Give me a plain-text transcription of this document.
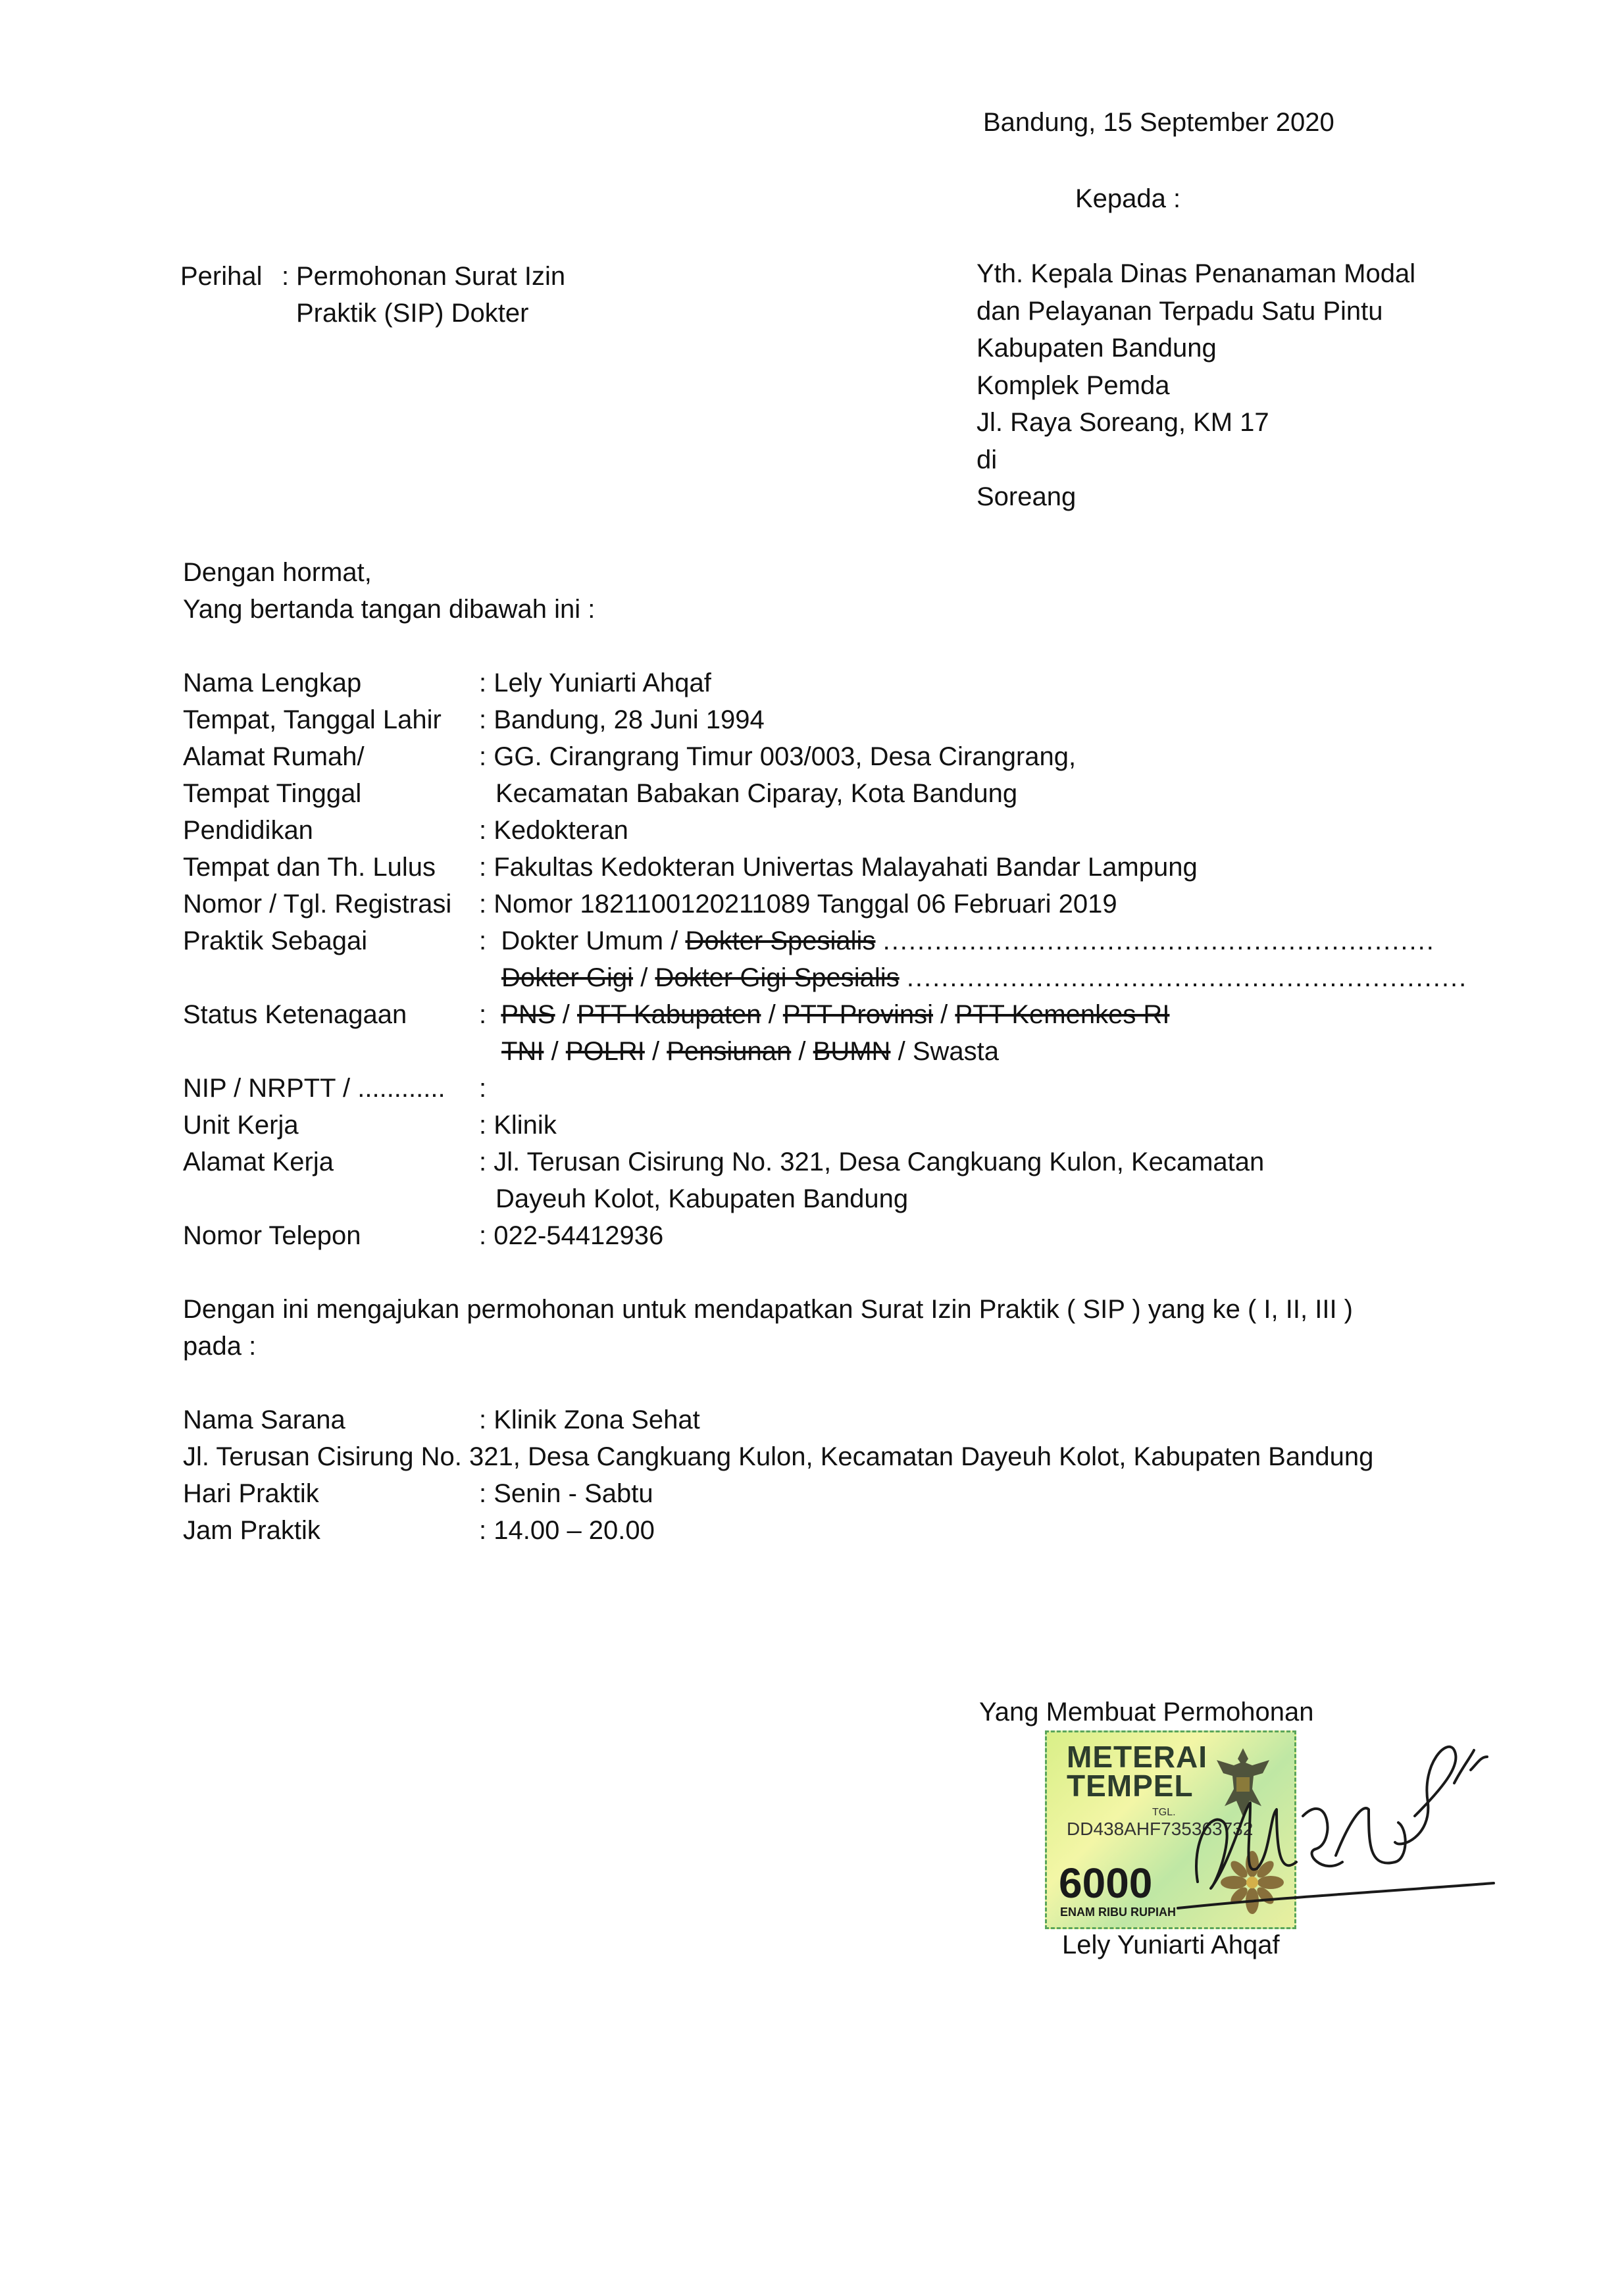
Bandung, 15 September 2020
Kepada :
Perihal : Permohonan Surat Izin
Praktik (SIP) Dokter
Yth. Kepala Dinas Penanaman Modal
dan Pelayanan Terpadu Satu Pintu
Kabupaten Bandung
Komplek Pemda
Jl. Raya Soreang, KM 17
di
Soreang
Dengan hormat,
Yang bertanda tangan dibawah ini :
Nama Lengkap	: Lely Yuniarti Ahqaf
Tempat, Tanggal Lahir : Bandung, 28 Juni 1994
Alamat Rumah/	: GG. Cirangrang Timur 003/003, Desa Cirangrang,
Tempat Tinggal	Kecamatan Babakan Ciparay, Kota Bandung
Pendidikan	: Kedokteran
Tempat dan Th. Lulus : Fakultas Kedokteran Univertas Malayahati Bandar Lampung
Nomor / Tgl. Registrasi : Nomor 1821100120211089 Tanggal 06 Februari 2019
Praktik Sebagai	: Dokter Umum / Dokter Spesialis ................................................................
Dokter Gigi / Dokter Gigi Spesialis .................................................................
Status Ketenagaan	: PNS / PTT Kabupaten / PTT Provinsi / PTT Kemenkes RI
TNI / POLRI / Pensiunan / BUMN / Swasta
NIP / NRPTT / ............ :
Unit Kerja	: Klinik
Alamat Kerja	: Jl. Terusan Cisirung No. 321, Desa Cangkuang Kulon, Kecamatan
Dayeuh Kolot, Kabupaten Bandung
Nomor Telepon	: 022-54412936
Dengan ini mengajukan permohonan untuk mendapatkan Surat Izin Praktik ( SIP ) yang ke ( I, II, III )
pada :
Nama Sarana	: Klinik Zona Sehat
Jl. Terusan Cisirung No. 321, Desa Cangkuang Kulon, Kecamatan Dayeuh Kolot, Kabupaten Bandung
Hari Praktik	: Senin - Sabtu
Jam Praktik	: 14.00 – 20.00
Yang Membuat Permohonan
METERAI
TEMPEL
TGL.
DD438AHF735363732
6000
ENAM RIBU RUPIAH
Lely Yuniarti Ahqaf
